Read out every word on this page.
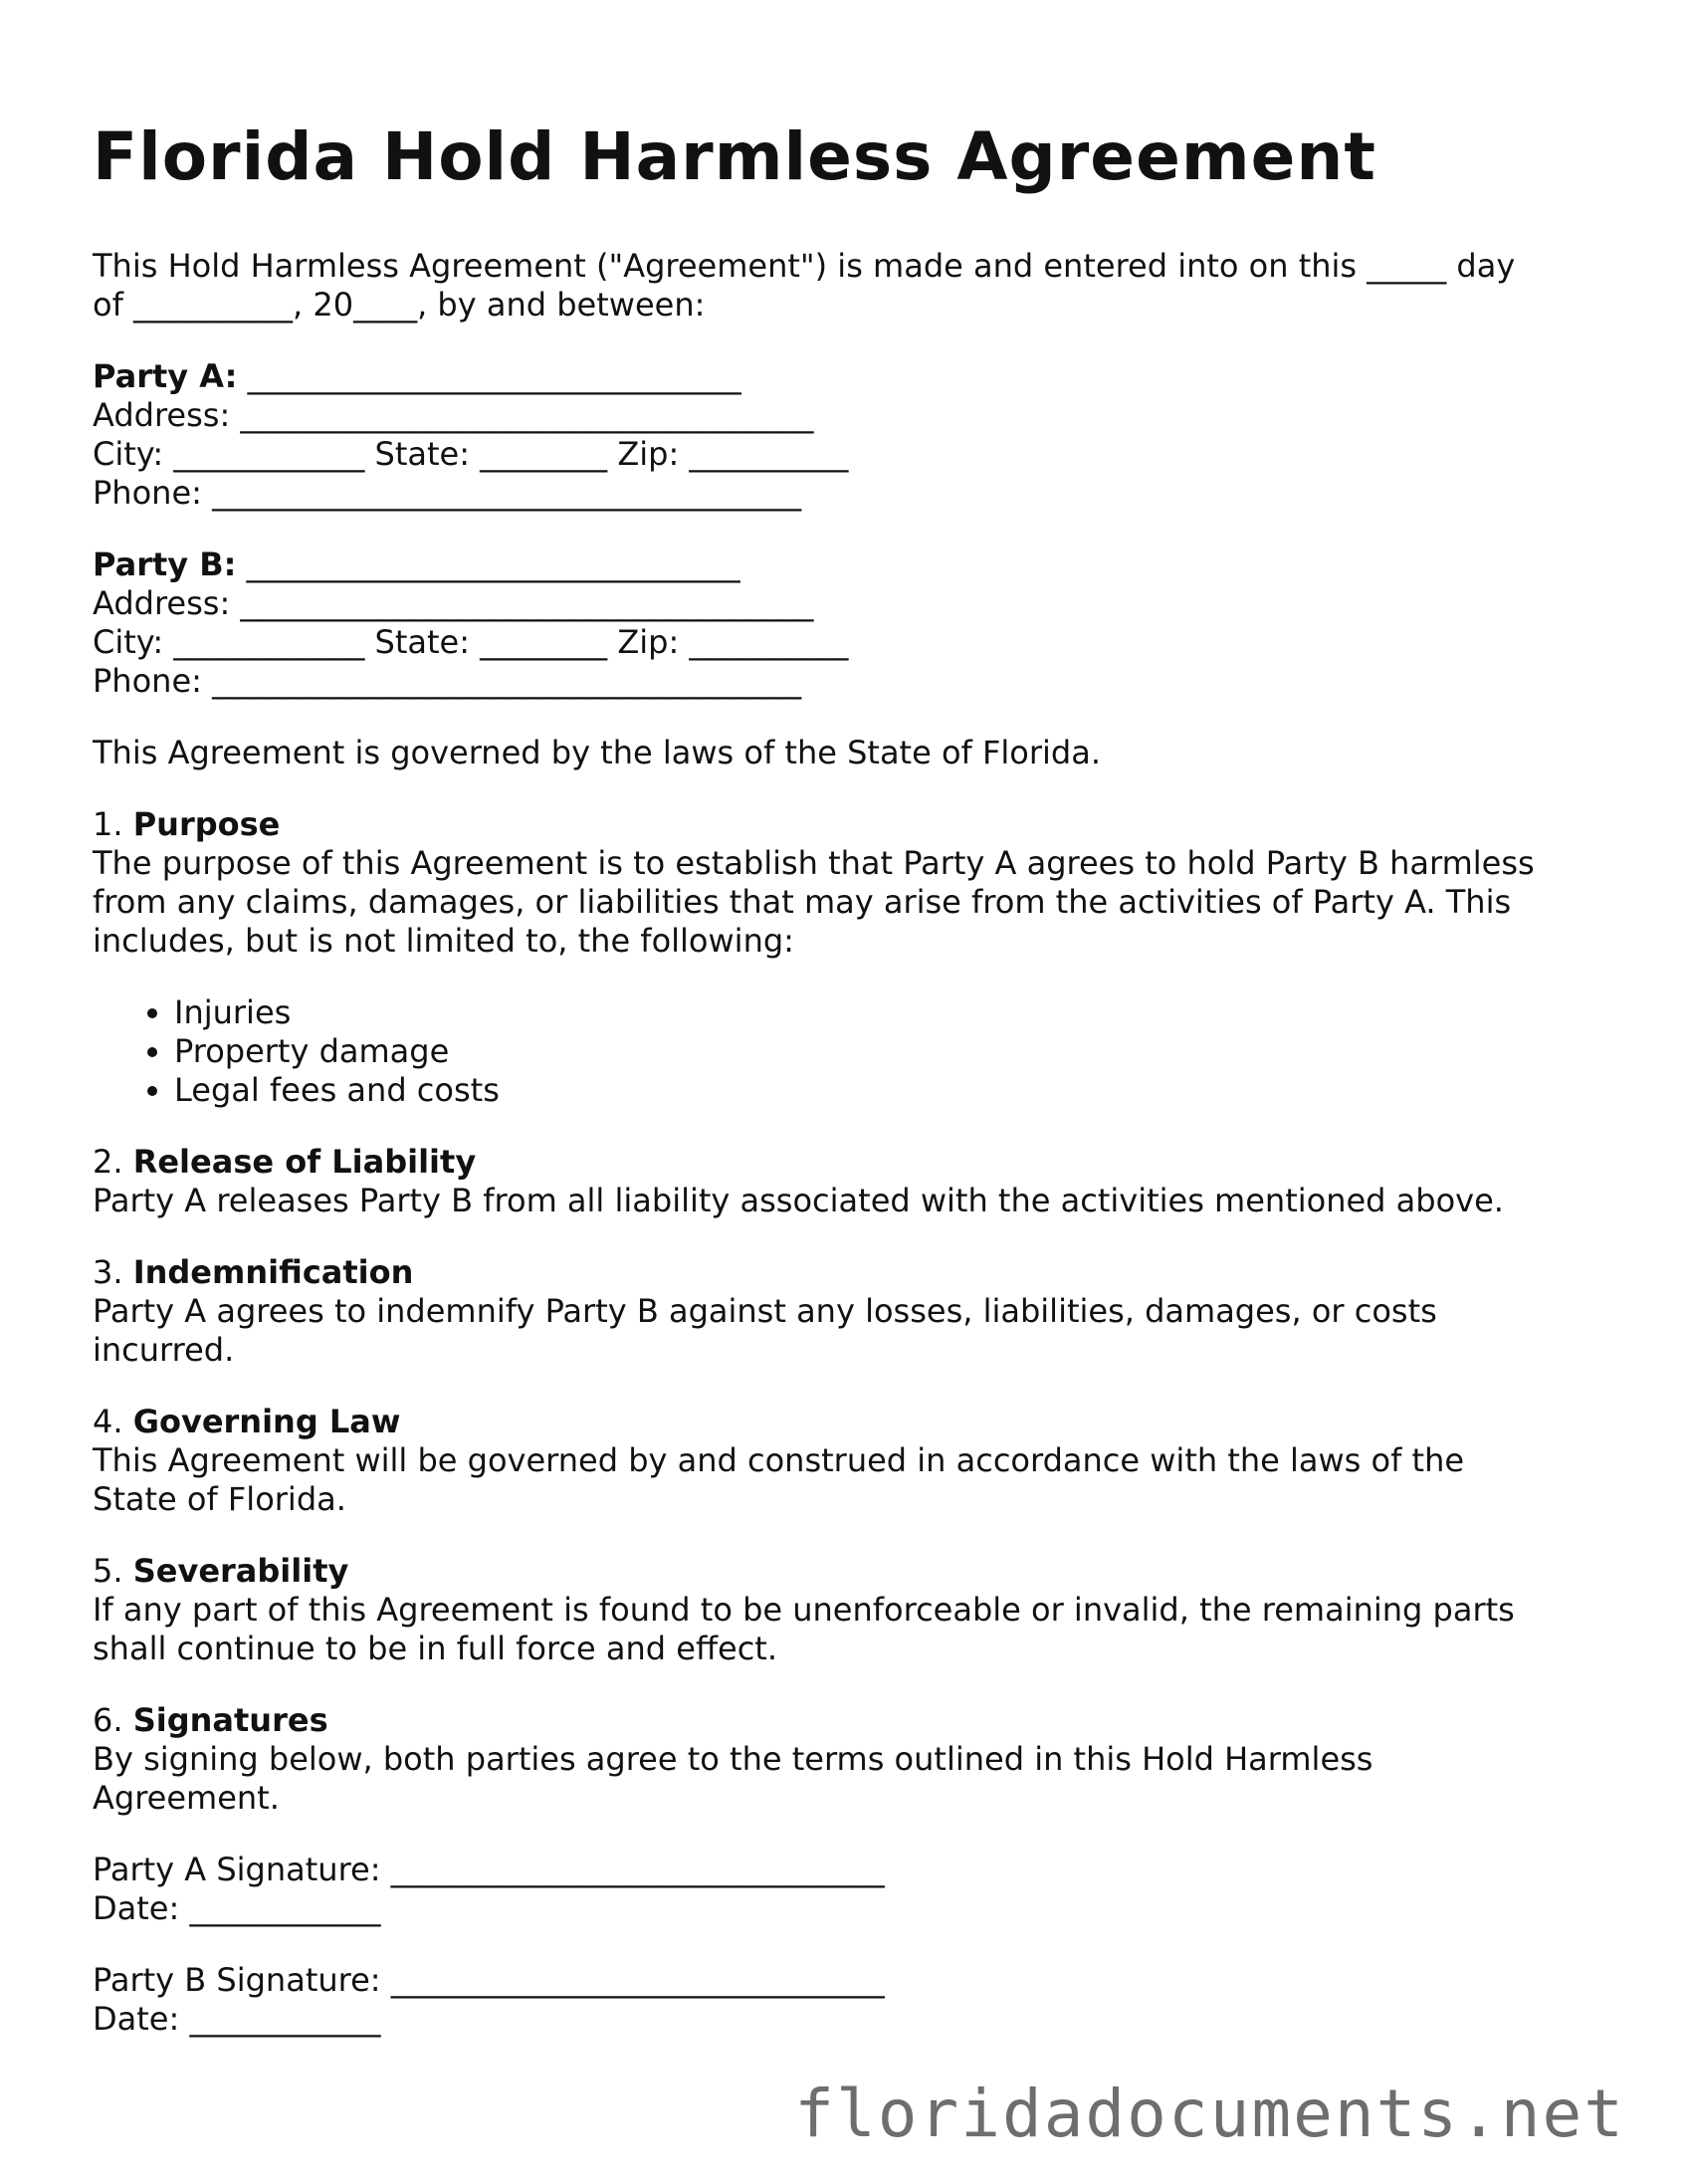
Florida Hold Harmless Agreement

This Hold Harmless Agreement ("Agreement") is made and entered into on this _____ day

of __________, 20____, by and between:

Party A: _______________________________

Address: ____________________________________

City: ____________ State: ________ Zip: __________

Phone: _____________________________________

Party B: _______________________________

Address: ____________________________________

City: ____________ State: ________ Zip: __________

Phone: _____________________________________

This Agreement is governed by the laws of the State of Florida.

1. Purpose

The purpose of this Agreement is to establish that Party A agrees to hold Party B harmless

from any claims, damages, or liabilities that may arise from the activities of Party A. This

includes, but is not limited to, the following:

• Injuries
• Property damage
• Legal fees and costs

2. Release of Liability

Party A releases Party B from all liability associated with the activities mentioned above.

3. Indemnification

Party A agrees to indemnify Party B against any losses, liabilities, damages, or costs

incurred.

4. Governing Law

This Agreement will be governed by and construed in accordance with the laws of the

State of Florida.

5. Severability

If any part of this Agreement is found to be unenforceable or invalid, the remaining parts

shall continue to be in full force and effect.

6. Signatures

By signing below, both parties agree to the terms outlined in this Hold Harmless

Agreement.

Party A Signature: _______________________________

Date: ____________

Party B Signature: _______________________________

Date: ____________

floridadocuments.net
